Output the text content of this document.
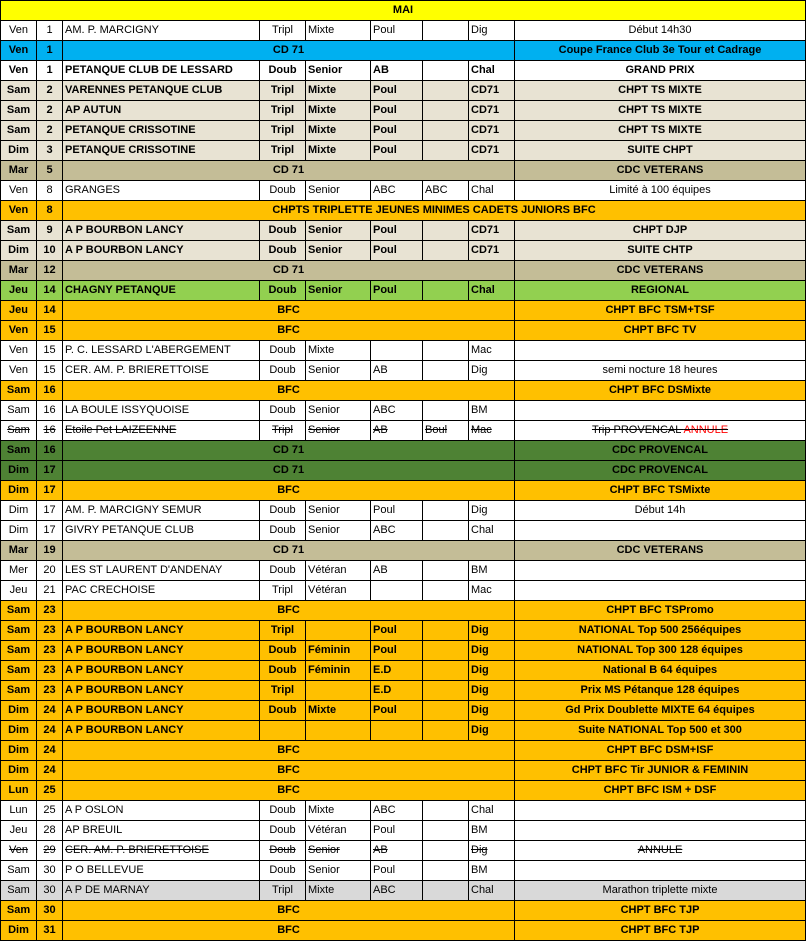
MAI								
Ven	1	AM. P. MARCIGNY	Tripl	Mixte	Poul		Dig	Début 14h30
Ven	1	CD 71						Coupe France Club 3e Tour et Cadrage
Ven	1	PETANQUE CLUB DE LESSARD	Doub	Senior	AB		Chal	GRAND PRIX
Sam	2	VARENNES PETANQUE CLUB	Tripl	Mixte	Poul		CD71	CHPT TS MIXTE
Sam	2	AP AUTUN	Tripl	Mixte	Poul		CD71	CHPT TS MIXTE
Sam	2	PETANQUE CRISSOTINE	Tripl	Mixte	Poul		CD71	CHPT TS MIXTE
Dim	3	PETANQUE CRISSOTINE	Tripl	Mixte	Poul		CD71	SUITE CHPT
Mar	5	CD 71						CDC VETERANS
Ven	8	GRANGES	Doub	Senior	ABC	ABC	Chal	Limité à 100 équipes
Ven	8	CHPTS TRIPLETTE JEUNES MINIMES CADETS JUNIORS BFC						
Sam	9	A P BOURBON LANCY	Doub	Senior	Poul		CD71	CHPT DJP
Dim	10	A P BOURBON LANCY	Doub	Senior	Poul		CD71	SUITE CHTP
Mar	12	CD 71						CDC VETERANS
Jeu	14	CHAGNY PETANQUE	Doub	Senior	Poul		Chal	REGIONAL
Jeu	14	BFC						CHPT BFC TSM+TSF
Ven	15	BFC						CHPT BFC TV
Ven	15	P. C. LESSARD L'ABERGEMENT	Doub	Mixte			Mac	
Ven	15	CER. AM. P. BRIERETTOISE	Doub	Senior	AB		Dig	semi nocture 18 heures
Sam	16	BFC						CHPT BFC DSMixte
Sam	16	LA BOULE ISSYQUOISE	Doub	Senior	ABC		BM	
Sam	16	Etoile Pet LAIZEENNE	Tripl	Senior	AB	Boul	Mac	Trip PROVENCAL ANNULE
Sam	16	CD 71						CDC PROVENCAL
Dim	17	CD 71						CDC PROVENCAL
Dim	17	BFC						CHPT BFC TSMixte
Dim	17	AM. P. MARCIGNY SEMUR	Doub	Senior	Poul		Dig	Début 14h
Dim	17	GIVRY PETANQUE CLUB	Doub	Senior	ABC		Chal	
Mar	19	CD 71						CDC VETERANS
Mer	20	LES ST LAURENT D'ANDENAY	Doub	Vétéran	AB		BM	
Jeu	21	PAC CRECHOISE	Tripl	Vétéran			Mac	
Sam	23	BFC						CHPT BFC TSPromo
Sam	23	A P BOURBON LANCY	Tripl		Poul		Dig	NATIONAL Top 500 256équipes
Sam	23	A P BOURBON LANCY	Doub	Féminin	Poul		Dig	NATIONAL Top 300 128 équipes
Sam	23	A P BOURBON LANCY	Doub	Féminin	E.D		Dig	National B 64 équipes
Sam	23	A P BOURBON LANCY	Tripl		E.D		Dig	Prix MS Pétanque 128 équipes
Dim	24	A P BOURBON LANCY	Doub	Mixte	Poul		Dig	Gd Prix Doublette MIXTE 64 équipes
Dim	24	A P BOURBON LANCY					Dig	Suite NATIONAL Top 500 et 300
Dim	24	BFC						CHPT BFC DSM+ISF
Dim	24	BFC						CHPT BFC Tir JUNIOR & FEMININ
Lun	25	BFC						CHPT BFC ISM + DSF
Lun	25	A P OSLON	Doub	Mixte	ABC		Chal	
Jeu	28	AP BREUIL	Doub	Vétéran	Poul		BM	
Ven	29	CER. AM. P. BRIERETTOISE	Doub	Senior	AB		Dig	ANNULE
Sam	30	P O BELLEVUE	Doub	Senior	Poul		BM	
Sam	30	A P DE MARNAY	Tripl	Mixte	ABC		Chal	Marathon triplette mixte
Sam	30	BFC						CHPT BFC TJP
Dim	31	BFC						CHPT BFC TJP
